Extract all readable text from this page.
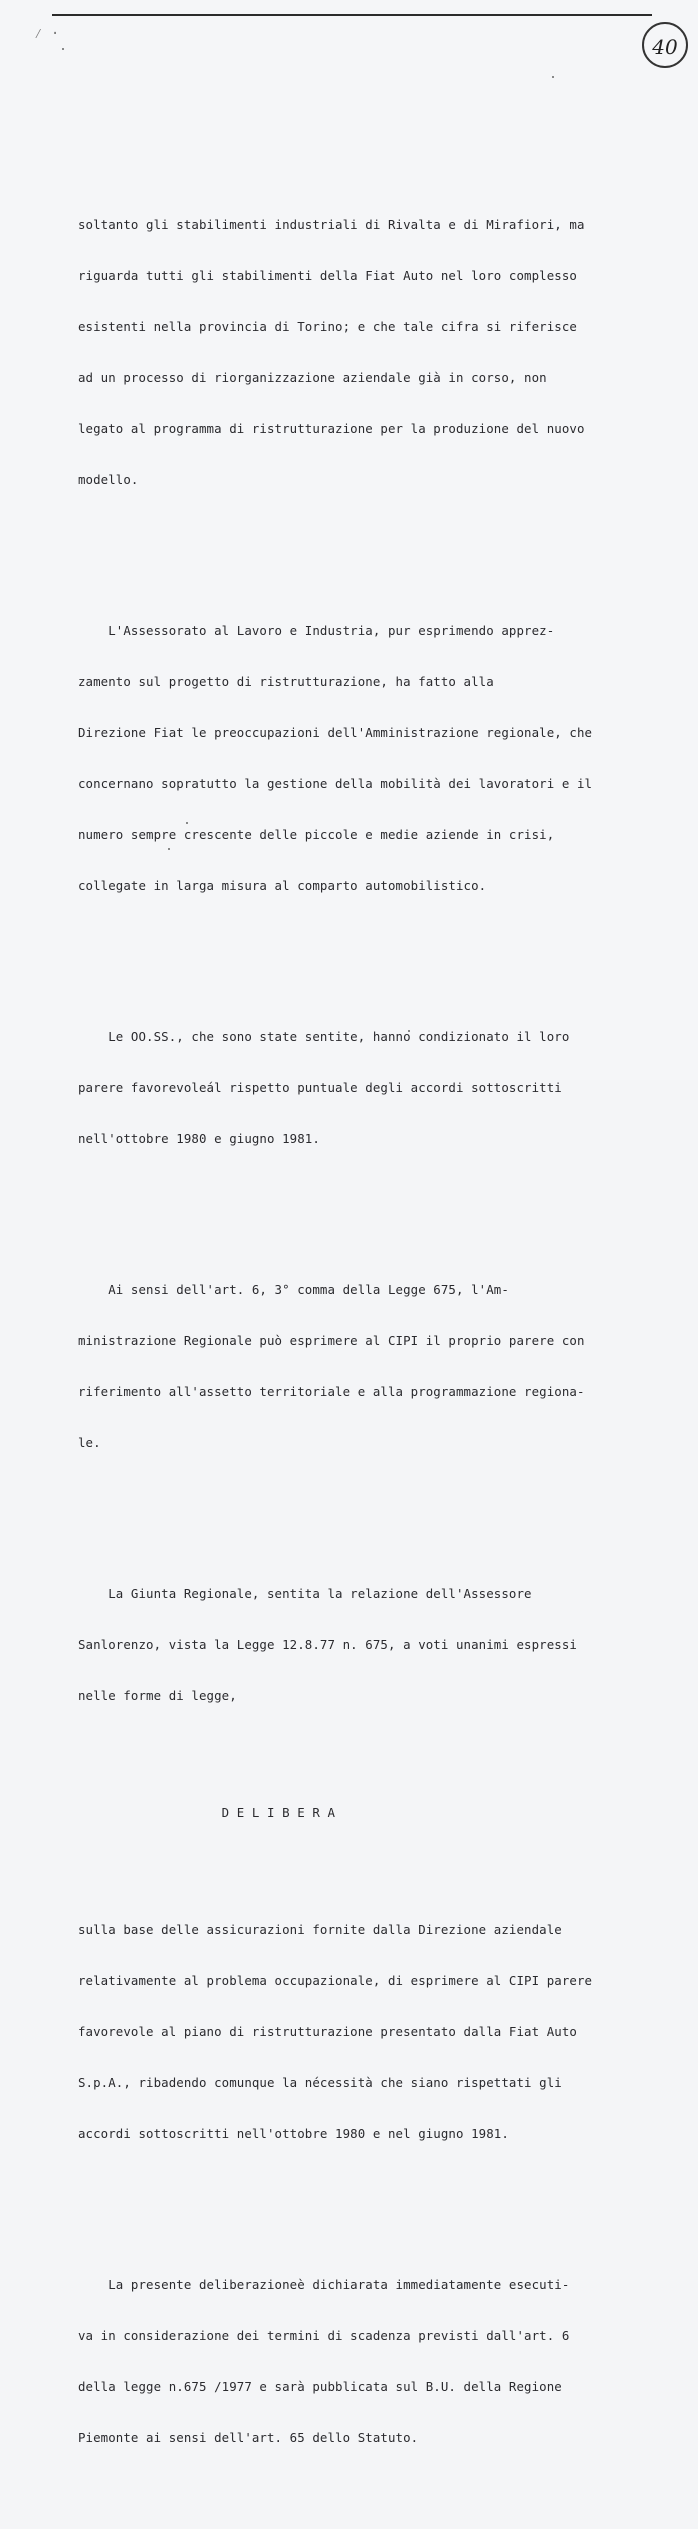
⁄ ·
40

soltanto gli stabilimenti industriali di Rivalta e di Mirafiori, ma

riguarda tutti gli stabilimenti della Fiat Auto nel loro complesso

esistenti nella provincia di Torino; e che tale cifra si riferisce

ad un processo di riorganizzazione aziendale già in corso, non

legato al programma di ristrutturazione per la produzione del nuovo

modello.

L'Assessorato al Lavoro e Industria, pur esprimendo apprez-

zamento sul progetto di ristrutturazione, ha fatto alla

Direzione Fiat le preoccupazioni dell'Amministrazione regionale, che

concernano sopratutto la gestione della mobilità dei lavoratori e il

numero sempre crescente delle piccole e medie aziende in crisi,

collegate in larga misura al comparto automobilistico.

Le OO.SS., che sono state sentite, hanno condizionato il loro

parere favorevoleál rispetto puntuale degli accordi sottoscritti

nell'ottobre 1980 e giugno 1981.

Ai sensi dell'art. 6, 3° comma della Legge 675, l'Am-

ministrazione Regionale può esprimere al CIPI il proprio parere con

riferimento all'assetto territoriale e alla programmazione regiona-

le.

La Giunta Regionale, sentita la relazione dell'Assessore

Sanlorenzo, vista la Legge 12.8.77 n. 675, a voti unanimi espressi

nelle forme di legge,

D E L I B E R A

sulla base delle assicurazioni fornite dalla Direzione aziendale

relativamente al problema occupazionale, di esprimere al CIPI parere

favorevole al piano di ristrutturazione presentato dalla Fiat Auto

S.p.A., ribadendo comunque la nécessità che siano rispettati gli

accordi sottoscritti nell'ottobre 1980 e nel giugno 1981.

La presente deliberazioneè dichiarata immediatamente esecuti-

va in considerazione dei termini di scadenza previsti dall'art. 6

della legge n.675 /1977 e sarà pubblicata sul B.U. della Regione

Piemonte ai sensi dell'art. 65 dello Statuto.
